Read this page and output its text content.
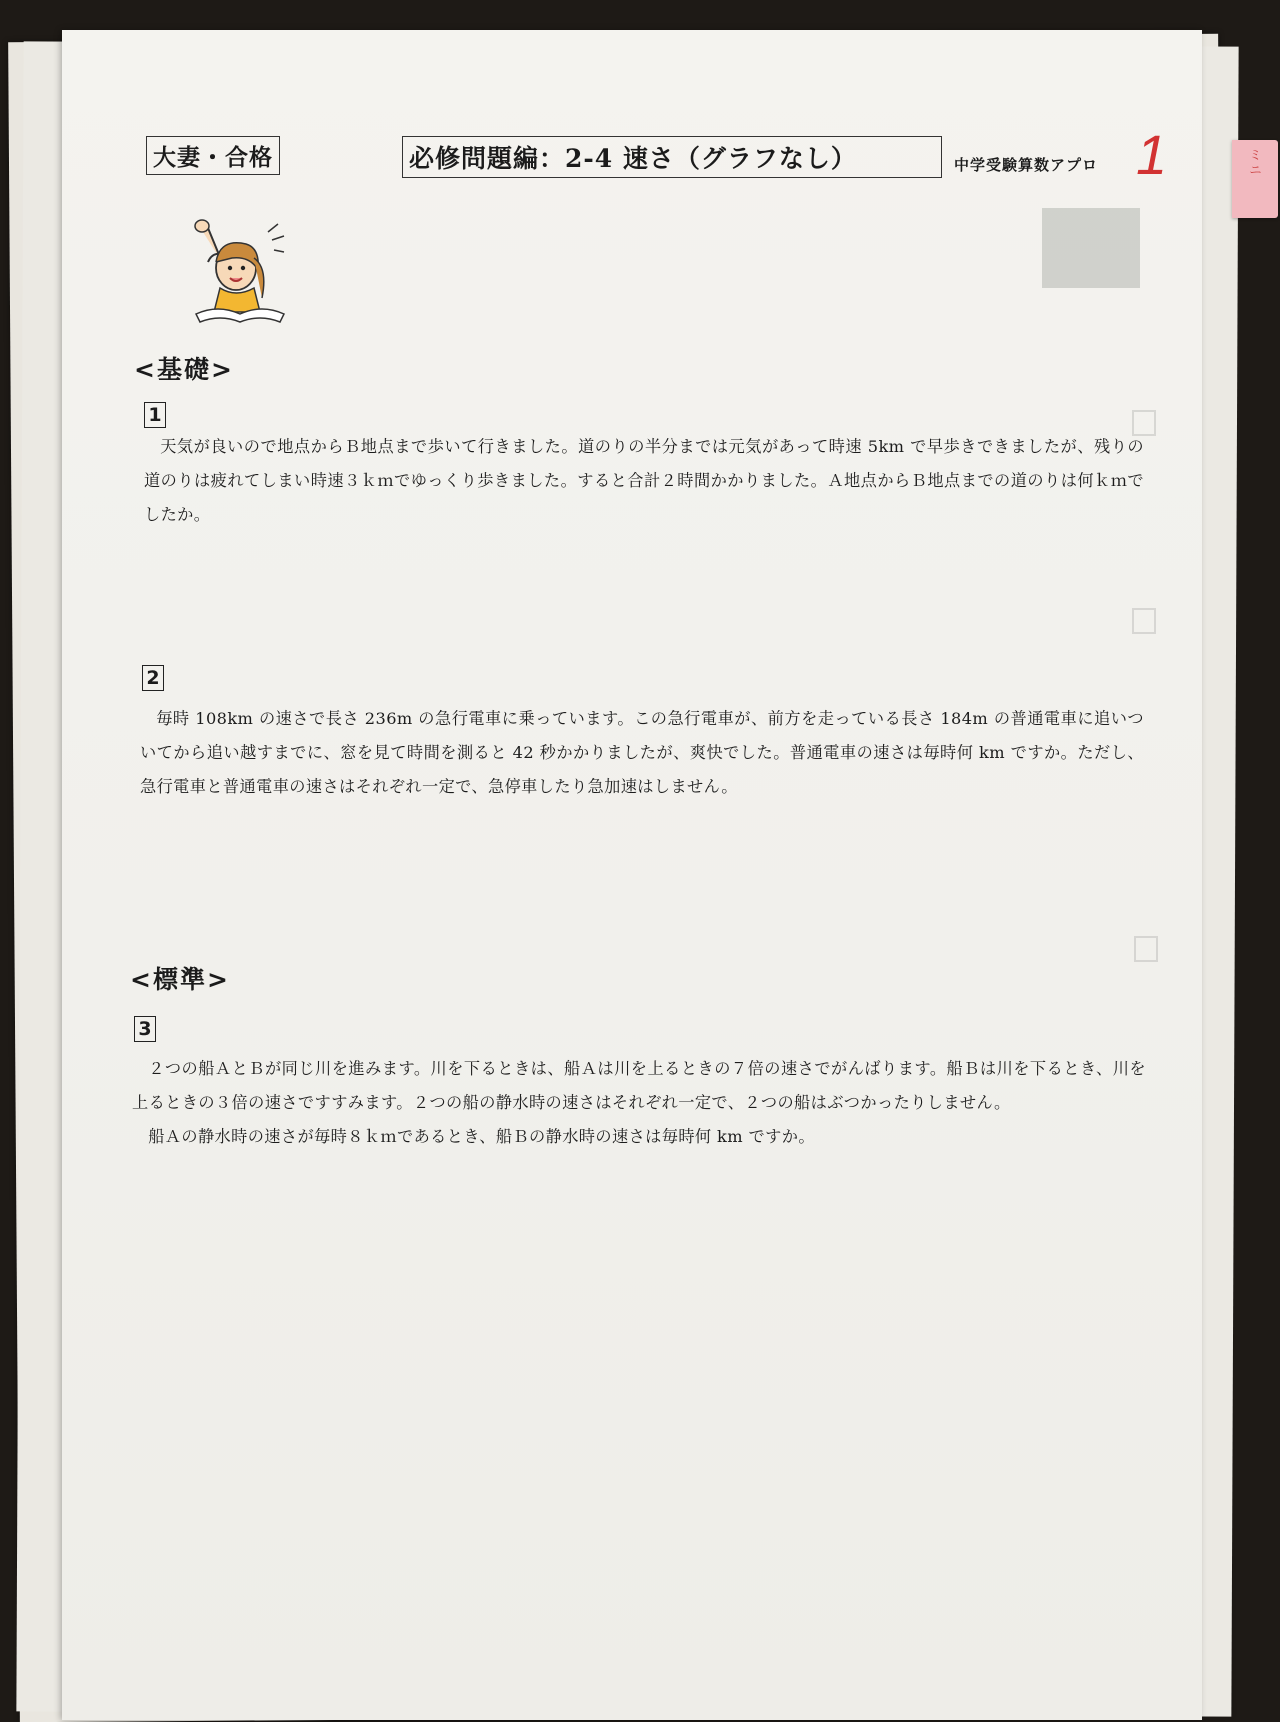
ミニ
大妻・合格	必修問題編：2-4 速さ（グラフなし）	中学受験算数アプロ 1
<基礎>
1

天気が良いので地点からＢ地点まで歩いて行きました。道のりの半分までは元気があって時速 5km で早歩きできましたが、残りの道のりは疲れてしまい時速３ｋｍでゆっくり歩きました。すると合計２時間かかりました。Ａ地点からＢ地点までの道のりは何ｋｍでしたか。

2

毎時 108km の速さで長さ 236m の急行電車に乗っています。この急行電車が、前方を走っている長さ 184m の普通電車に追いついてから追い越すまでに、窓を見て時間を測ると 42 秒かかりましたが、爽快でした。普通電車の速さは毎時何 km ですか。ただし、急行電車と普通電車の速さはそれぞれ一定で、急停車したり急加速はしません。

<標準>
3

２つの船ＡとＢが同じ川を進みます。川を下るときは、船Ａは川を上るときの７倍の速さでがんばります。船Ｂは川を下るとき、川を上るときの３倍の速さですすみます。２つの船の静水時の速さはそれぞれ一定で、２つの船はぶつかったりしません。

船Ａの静水時の速さが毎時８ｋｍであるとき、船Ｂの静水時の速さは毎時何 km ですか。
